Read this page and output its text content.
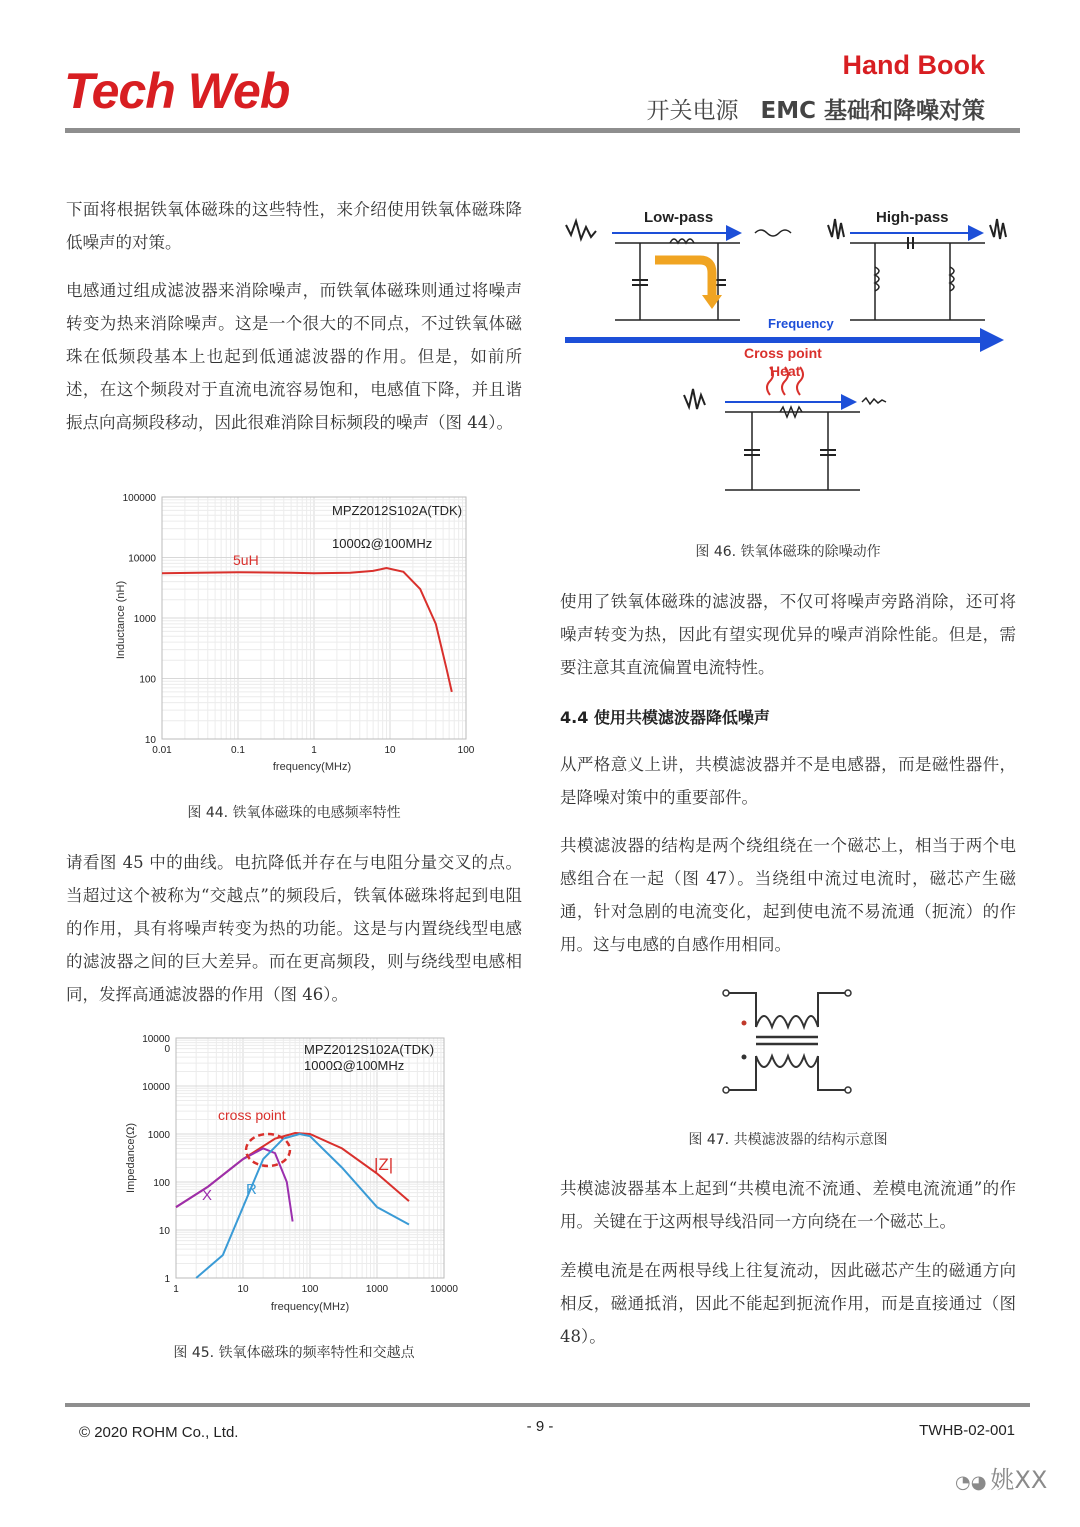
Tech Web	Hand Book
开关电源 EMC 基础和降噪对策
下面将根据铁氧体磁珠的这些特性，来介绍使用铁氧体磁珠降低噪声的对策。
电感通过组成滤波器来消除噪声，而铁氧体磁珠则通过将噪声转变为热来消除噪声。这是一个很大的不同点，不过铁氧体磁珠在低频段基本上也起到低通滤波器的作用。但是，如前所述，在这个频段对于直流电流容易饱和，电感值下降，并且谐振点向高频段移动，因此很难消除目标频段的噪声（图 44）。
10
100
1000
10000
100000
0.01	0.1	1	10	100
MPZ2012S102A(TDK)
1000Ω@100MHz
5uH
frequency(MHz)
Inductance (nH)
图 44. 铁氧体磁珠的电感频率特性
请看图 45 中的曲线。电抗降低并存在与电阻分量交叉的点。当超过这个被称为“交越点”的频段后，铁氧体磁珠将起到电阻的作用，具有将噪声转变为热的功能。这是与内置绕线型电感的滤波器之间的巨大差异。而在更高频段，则与绕线型电感相同，发挥高通滤波器的作用（图 46）。
1
10
100
1000
10000
10000
0
1	10	100	1000	10000
MPZ2012S102A(TDK)
1000Ω@100MHz
cross point
|Z|
X R
frequency(MHz)
Impedance(Ω)
图 45. 铁氧体磁珠的频率特性和交越点
Low-pass	High-pass
Frequency
Cross point
Heat
图 46. 铁氧体磁珠的除噪动作
使用了铁氧体磁珠的滤波器，不仅可将噪声旁路消除，还可将噪声转变为热，因此有望实现优异的噪声消除性能。但是，需要注意其直流偏置电流特性。
4.4 使用共模滤波器降低噪声
从严格意义上讲，共模滤波器并不是电感器，而是磁性器件，是降噪对策中的重要部件。
共模滤波器的结构是两个绕组绕在一个磁芯上，相当于两个电感组合在一起（图 47）。当绕组中流过电流时，磁芯产生磁通，针对急剧的电流变化，起到使电流不易流通（扼流）的作用。这与电感的自感作用相同。
图 47. 共模滤波器的结构示意图
共模滤波器基本上起到“共模电流不流通、差模电流流通”的作用。关键在于这两根导线沿同一方向绕在一个磁芯上。
差模电流是在两根导线上往复流动，因此磁芯产生的磁通方向相反，磁通抵消，因此不能起到扼流作用，而是直接通过（图 48）。
© 2020 ROHM Co., Ltd.	- 9 -	TWHB-02-001
◔◕ 姚XX
